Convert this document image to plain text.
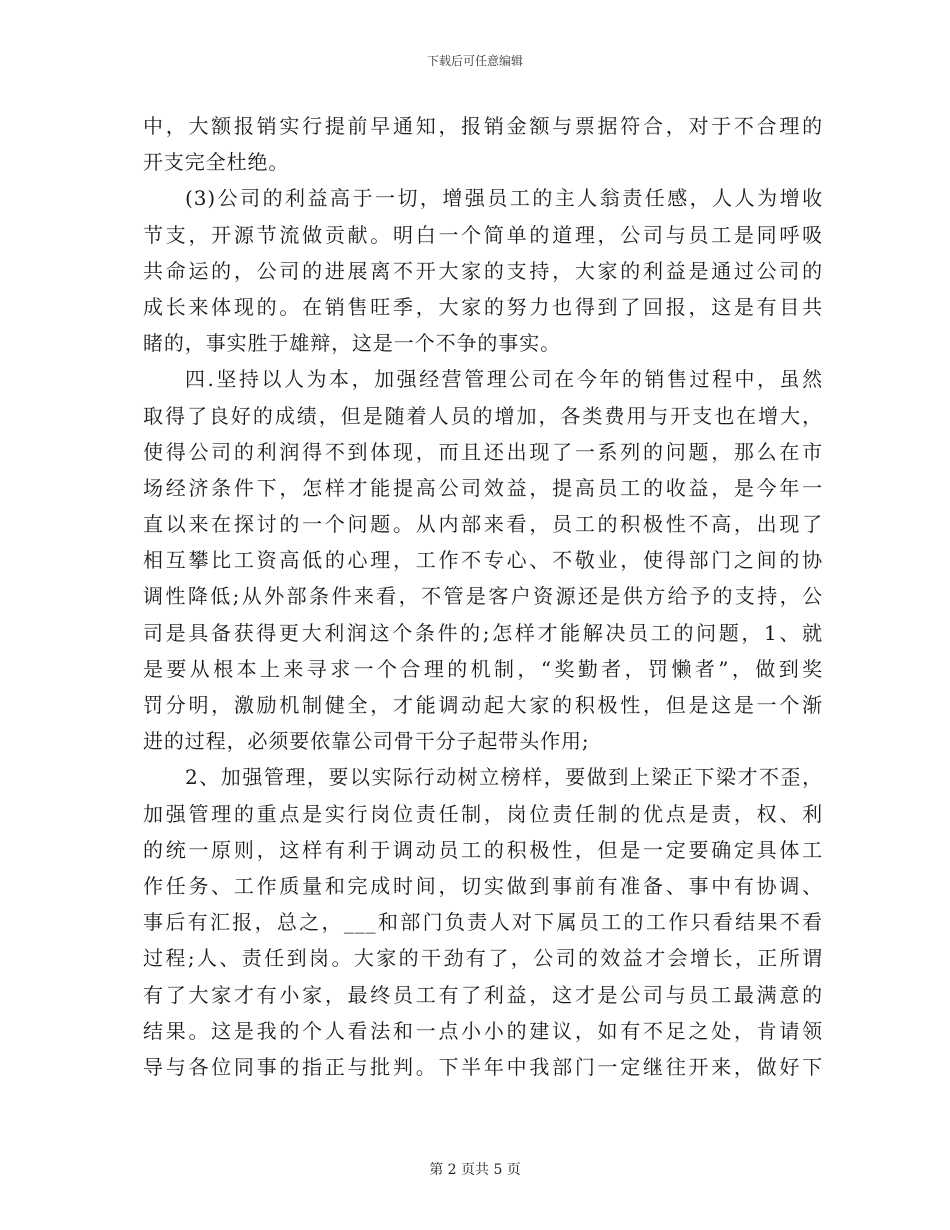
下载后可任意编辑
中，大额报销实行提前早通知，报销金额与票据符合，对于不合理的
开支完全杜绝。
(3)公司的利益高于一切，增强员工的主人翁责任感，人人为增收
节支，开源节流做贡献。明白一个简单的道理，公司与员工是同呼吸
共命运的，公司的进展离不开大家的支持，大家的利益是通过公司的
成长来体现的。在销售旺季，大家的努力也得到了回报，这是有目共
睹的，事实胜于雄辩，这是一个不争的事实。
四.坚持以人为本，加强经营管理公司在今年的销售过程中，虽然
取得了良好的成绩，但是随着人员的增加，各类费用与开支也在增大，
使得公司的利润得不到体现，而且还出现了一系列的问题，那么在市
场经济条件下，怎样才能提高公司效益，提高员工的收益，是今年一
直以来在探讨的一个问题。从内部来看，员工的积极性不高，出现了
相互攀比工资高低的心理，工作不专心、不敬业，使得部门之间的协
调性降低;从外部条件来看，不管是客户资源还是供方给予的支持，公
司是具备获得更大利润这个条件的;怎样才能解决员工的问题，1、就
是要从根本上来寻求一个合理的机制，“奖勤者，罚懒者”，做到奖
罚分明，激励机制健全，才能调动起大家的积极性，但是这是一个渐
进的过程，必须要依靠公司骨干分子起带头作用;
2、加强管理，要以实际行动树立榜样，要做到上梁正下梁才不歪，
加强管理的重点是实行岗位责任制，岗位责任制的优点是责，权、利
的统一原则，这样有利于调动员工的积极性，但是一定要确定具体工
作任务、工作质量和完成时间，切实做到事前有准备、事中有协调、
事后有汇报，总之，___和部门负责人对下属员工的工作只看结果不看
过程;人、责任到岗。大家的干劲有了，公司的效益才会增长，正所谓
有了大家才有小家，最终员工有了利益，这才是公司与员工最满意的
结果。这是我的个人看法和一点小小的建议，如有不足之处，肯请领
导与各位同事的指正与批判。下半年中我部门一定继往开来，做好下
第 2 页共 5 页
